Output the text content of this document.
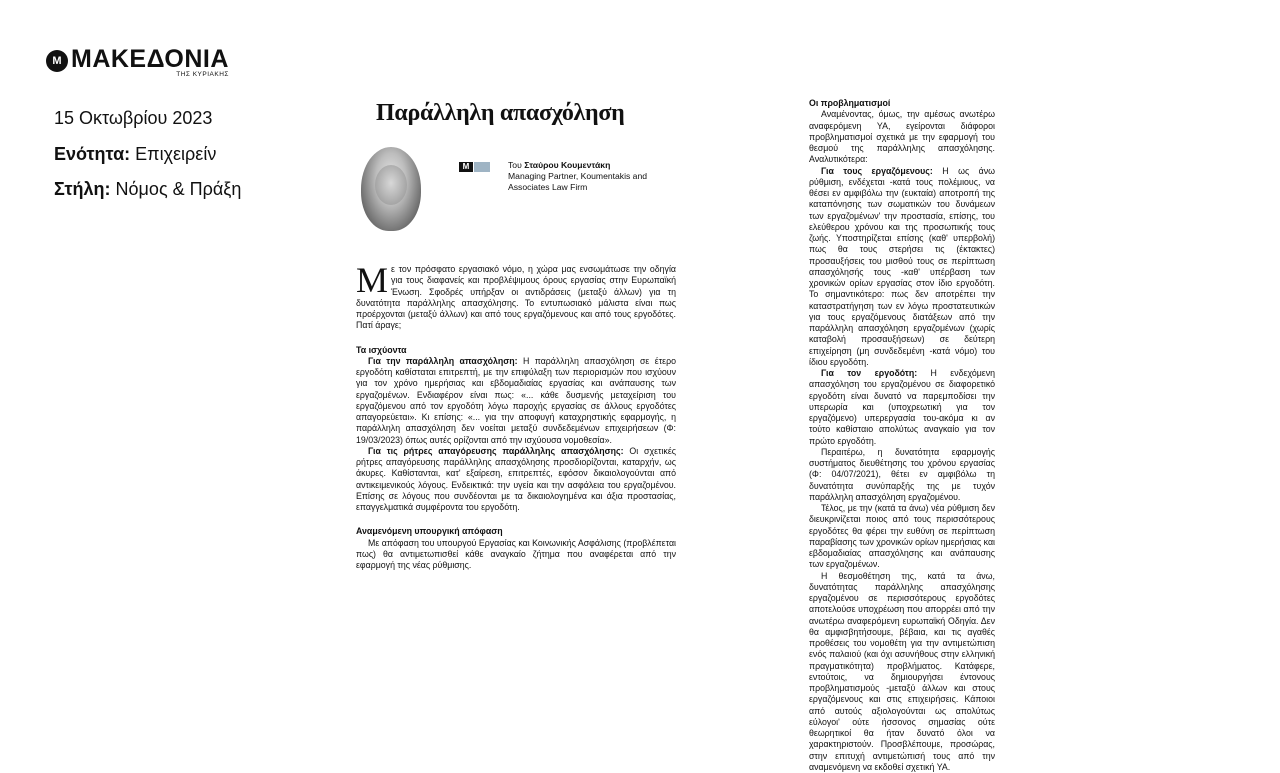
Μ ΜΑΚΕΔΟΝΙΑ
ΤΗΣ ΚΥΡΙΑΚΗΣ
15 Οκτωβρίου 2023
Ενότητα: Επιχειρείν
Στήλη: Νόμος & Πράξη
Παράλληλη απασχόληση
M	Του Σταύρου Κουμεντάκη
Managing Partner, Koumentakis and Associates Law Firm

Με τον πρόσφατο εργασιακό νόμο, η χώρα μας ενσωμάτωσε την οδηγία για τους διαφανείς και προβλέψιμους όρους εργασίας στην Ευρωπαϊκή Ένωση. Σφοδρές υπήρξαν οι αντιδράσεις (μεταξύ άλλων) για τη δυνατότητα παράλληλης απασχόλησης. Το εντυπωσιακό μάλιστα είναι πως προέρχονται (μεταξύ άλλων) και από τους εργαζόμενους και από τους εργοδότες. Πατί άραγε;

Τα ισχύοντα

Για την παράλληλη απασχόληση: Η παράλληλη απασχόληση σε έτερο εργοδότη καθίσταται επιτρεπτή, με την επιφύλαξη των περιορισμών που ισχύουν για τον χρόνο ημερήσιας και εβδομαδιαίας εργασίας και ανάπαυσης των εργαζομένων. Ενδιαφέρον είναι πως: «... κάθε δυσμενής μεταχείριση του εργαζόμενου από τον εργοδότη λόγω παροχής εργασίας σε άλλους εργοδότες απαγορεύεται». Κι επίσης: «... για την αποφυγή καταχρηστικής εφαρμογής, η παράλληλη απασχόληση δεν νοείται μεταξύ συνδεδεμένων επιχειρήσεων (Φ: 19/03/2023) όπως αυτές ορίζονται από την ισχύουσα νομοθεσία».

Για τις ρήτρες απαγόρευσης παράλληλης απασχόλησης: Οι σχετικές ρήτρες απαγόρευσης παράλληλης απασχόλησης προσδιορίζονται, καταρχήν, ως άκυρες. Καθίστανται, κατ' εξαίρεση, επιτρεπτές, εφόσον δικαιολογούνται από αντικειμενικούς λόγους. Ενδεικτικά: την υγεία και την ασφάλεια του εργαζομένου. Επίσης σε λόγους που συνδέονται με τα δικαιολογημένα και άξια προστασίας, επαγγελματικά συμφέροντα του εργοδότη.

Αναμενόμενη υπουργική απόφαση

Με απόφαση του υπουργού Εργασίας και Κοινωνικής Ασφάλισης (προβλέπεται πως) θα αντιμετωπισθεί κάθε αναγκαίο ζήτημα που αναφέρεται από την εφαρμογή της νέας ρύθμισης.

Οι προβληματισμοί

Αναμένοντας, όμως, την αμέσως ανωτέρω αναφερόμενη ΥΑ, εγείρονται διάφοροι προβληματισμοί σχετικά με την εφαρμογή του θεσμού της παράλληλης απασχόλησης. Αναλυτικότερα:

Για τους εργαζόμενους: Η ως άνω ρύθμιση, ενδέχεται -κατά τους πολέμιους, να θέσει εν αμφιβόλω την (ευκταία) αποτροπή της καταπόνησης των σωματικών του δυνάμεων των εργαζομένων' την προστασία, επίσης, του ελεύθερου χρόνου και της προσωπικής τους ζωής. Υποστηρίζεται επίσης (καθ' υπερβολή) πως θα τους στερήσει τις (έκτακτες) προσαυξήσεις του μισθού τους σε περίπτωση απασχόλησής τους -καθ' υπέρβαση των χρονικών ορίων εργασίας στον ίδιο εργοδότη. Το σημαντικότερο: πως δεν αποτρέπει την καταστρατήγηση των εν λόγω προστατευτικών για τους εργαζόμενους διατάξεων από την παράλληλη απασχόληση εργαζομένων (χωρίς καταβολή προσαυξήσεων) σε δεύτερη επιχείρηση (μη συνδεδεμένη -κατά νόμο) του ίδιου εργοδότη.

Για τον εργοδότη: Η ενδεχόμενη απασχόληση του εργαζομένου σε διαφορετικό εργοδότη είναι δυνατό να παρεμποδίσει την υπερωρία και (υποχρεωτική για τον εργαζόμενο) υπερεργασία του-ακόμα κι αν τούτο καθίσταιο απολύτως αναγκαίο για τον πρώτο εργοδότη.

Περαιτέρω, η δυνατότητα εφαρμογής συστήματος διευθέτησης του χρόνου εργασίας (Φ: 04/07/2021), θέτει εν αμφιβόλω τη δυνατότητα συνύπαρξής της με τυχόν παράλληλη απασχόληση εργαζομένου.

Τέλος, με την (κατά τα άνω) νέα ρύθμιση δεν διευκρινίζεται ποιος από τους περισσότερους εργοδότες θα φέρει την ευθύνη σε περίπτωση παραβίασης των χρονικών ορίων ημερήσιας και εβδομαδιαίας απασχόλησης και ανάπαυσης των εργαζομένων.

Η θεσμοθέτηση της, κατά τα άνω, δυνατότητας παράλληλης απασχόλησης εργαζομένου σε περισσότερους εργοδότες αποτελούσε υποχρέωση που απορρέει από την ανωτέρω αναφερόμενη ευρωπαϊκή Οδηγία. Δεν θα αμφισβητήσουμε, βέβαια, και τις αγαθές προθέσεις του νομοθέτη για την αντιμετώπιση ενός παλαιού (και όχι ασυνήθους στην ελληνική πραγματικότητα) προβλήματος. Κατάφερε, εντούτοις, να δημιουργήσει έντονους προβληματισμούς -μεταξύ άλλων και στους εργαζόμενους και στις επιχειρήσεις. Κάποιοι από αυτούς αξιολογούνται ως απολύτως εύλογοι' ούτε ήσσονος σημασίας ούτε θεωρητικοί θα ήταν δυνατό όλοι να χαρακτηριστούν. Προσβλέπουμε, προσώρας, στην επιτυχή αντιμετώπισή τους από την αναμενόμενη να εκδοθεί σχετική ΥΑ.
